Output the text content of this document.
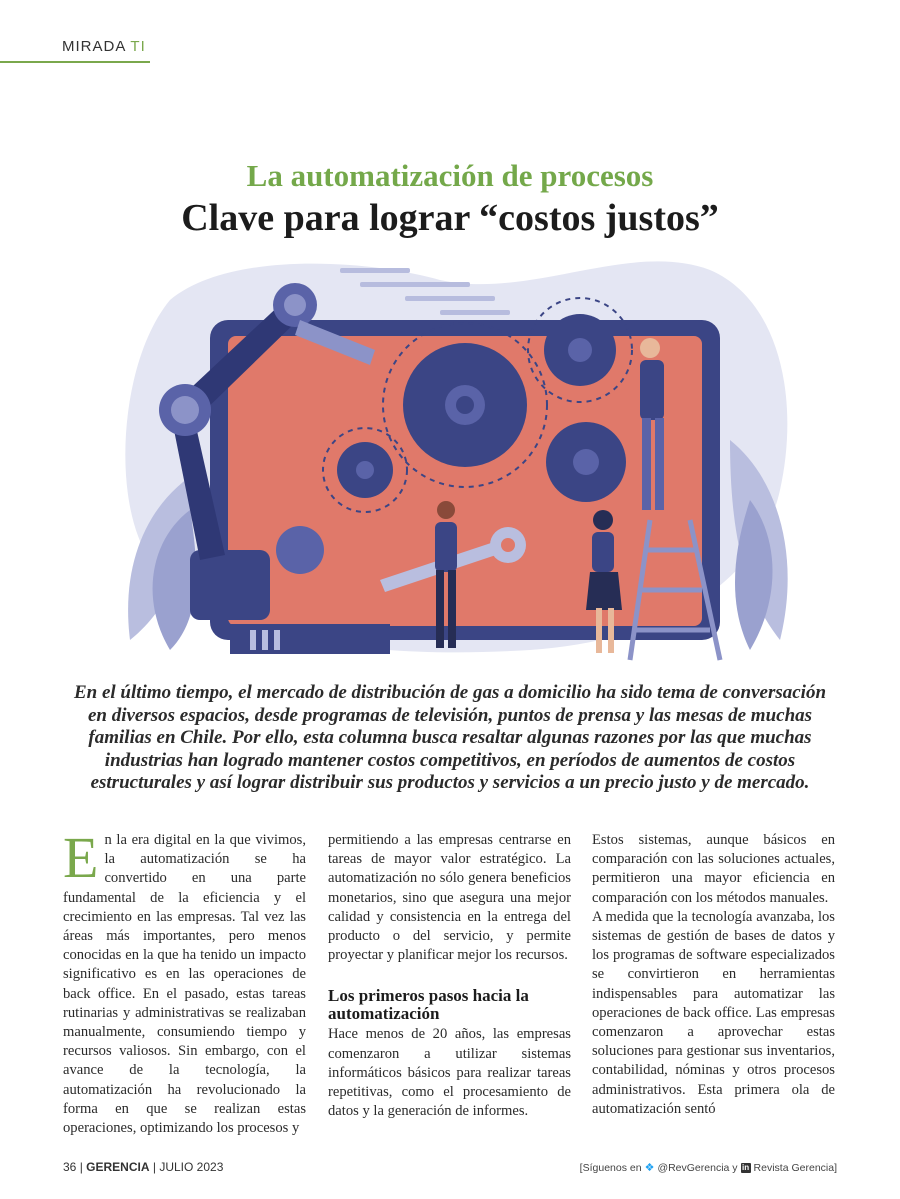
MIRADA TI
La automatización de procesos
Clave para lograr “costos justos”
En el último tiempo, el mercado de distribución de gas a domicilio ha sido tema de conversación en diversos espacios, desde programas de televisión, puntos de prensa y las mesas de muchas familias en Chile. Por ello, esta columna busca resaltar algunas razones por las que muchas industrias han logrado mantener costos competitivos, en períodos de aumentos de costos estructurales y así lograr distribuir sus productos y servicios a un precio justo y de mercado.

En la era digital en la que vivimos, la automatización se ha convertido en una parte fundamental de la eficiencia y el crecimiento en las empresas. Tal vez las áreas más importantes, pero menos conocidas en la que ha tenido un impacto significativo es en las operaciones de back office. En el pasado, estas tareas rutinarias y administrativas se realizaban manualmente, consumiendo tiempo y recursos valiosos. Sin embargo, con el avance de la tecnología, la automatización ha revolucionado la forma en que se realizan estas operaciones, optimizando los procesos y

permitiendo a las empresas centrarse en tareas de mayor valor estratégico. La automatización no sólo genera beneficios monetarios, sino que asegura una mejor calidad y consistencia en la entrega del producto o del servicio, y permite proyectar y planificar mejor los recursos.

Los primeros pasos hacia la automatización

Hace menos de 20 años, las empresas comenzaron a utilizar sistemas informáticos básicos para realizar tareas repetitivas, como el procesamiento de datos y la generación de informes.

Estos sistemas, aunque básicos en comparación con las soluciones actuales, permitieron una mayor eficiencia en comparación con los métodos manuales.

A medida que la tecnología avanzaba, los sistemas de gestión de bases de datos y los programas de software especializados se convirtieron en herramientas indispensables para automatizar las operaciones de back office. Las empresas comenzaron a aprovechar estas soluciones para gestionar sus inventarios, contabilidad, nóminas y otros procesos administrativos. Esta primera ola de automatización sentó

36 | GERENCIA | JULIO 2023	[Síguenos en ❖ @RevGerencia y in Revista Gerencia]
